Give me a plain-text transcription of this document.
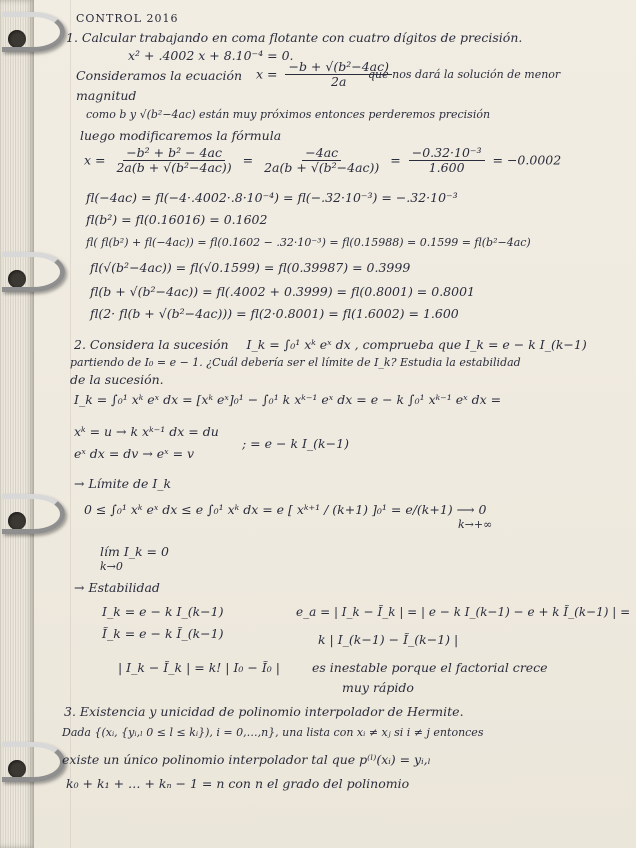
CONTROL 2016
1. Calcular trabajando en coma flotante con cuatro dígitos de precisión.
x² + .4002 x + 8.10⁻⁴ = 0.
Consideramos la ecuación $x = \frac{\text{−b + √(b²−4ac)}}{2a}$
que nos dará la solución de menor
magnitud
como b y √(b²−4ac) están muy próximos entonces perderemos precisión
luego modificaremos la fórmula
$x = \frac{\text{−b² + b² − 4ac}}{\text{2a(b + √(b²−4ac))}} = \frac{-4ac}{\text{2a(b + √(b²−4ac))}} = \frac{\text{−0.32·10⁻³}}{1.600} = -0.0002$
fl(−4ac) = fl(−4·.4002·.8·10⁻⁴) = fl(−.32·10⁻³) = −.32·10⁻³
fl(b²) = fl(0.16016) = 0.1602
fl( fl(b²) + fl(−4ac)) = fl(0.1602 − .32·10⁻³) = fl(0.15988) = 0.1599 = fl(b²−4ac)
fl(√(b²−4ac)) = fl(√0.1599) = fl(0.39987) = 0.3999
fl(b + √(b²−4ac)) = fl(.4002 + 0.3999) = fl(0.8001) = 0.8001
fl(2· fl(b + √(b²−4ac))) = fl(2·0.8001) = fl(1.6002) = 1.600
2. Considera la sucesión I_k = ∫₀¹ xᵏ eˣ dx , comprueba que I_k = e − k I_(k−1)
partiendo de I₀ = e − 1. ¿Cuál debería ser el límite de I_k? Estudia la estabilidad
de la sucesión.
I_k = ∫₀¹ xᵏ eˣ dx = [xᵏ eˣ]₀¹ − ∫₀¹ k xᵏ⁻¹ eˣ dx = e − k ∫₀¹ xᵏ⁻¹ eˣ dx =
xᵏ = u → k xᵏ⁻¹ dx = du
eˣ dx = dv → eˣ = v
; = e − k I_(k−1)
→ Límite de I_k
0 ≤ ∫₀¹ xᵏ eˣ dx ≤ e ∫₀¹ xᵏ dx = e [ xᵏ⁺¹ / (k+1) ]₀¹ = e/(k+1) ⟶ 0
k→+∞
lím I_k = 0
k→0
→ Estabilidad
I_k = e − k I_(k−1)	e_a = | I_k − Ĩ_k | = | e − k I_(k−1) − e + k Ĩ_(k−1) | =
Ĩ_k = e − k Ĩ_(k−1)	k | I_(k−1) − Ĩ_(k−1) |
| I_k − Ĩ_k | = k! | I₀ − Ĩ₀ |	es inestable porque el factorial crece
muy rápido
3. Existencia y unicidad de polinomio interpolador de Hermite.
Dada {(xᵢ, {yᵢ,ₗ 0 ≤ l ≤ kᵢ}), i = 0,…,n}, una lista con xᵢ ≠ xⱼ si i ≠ j entonces
existe un único polinomio interpolador tal que p⁽ˡ⁾(xᵢ) = yᵢ,ₗ
k₀ + k₁ + … + kₙ − 1 = n con n el grado del polinomio
